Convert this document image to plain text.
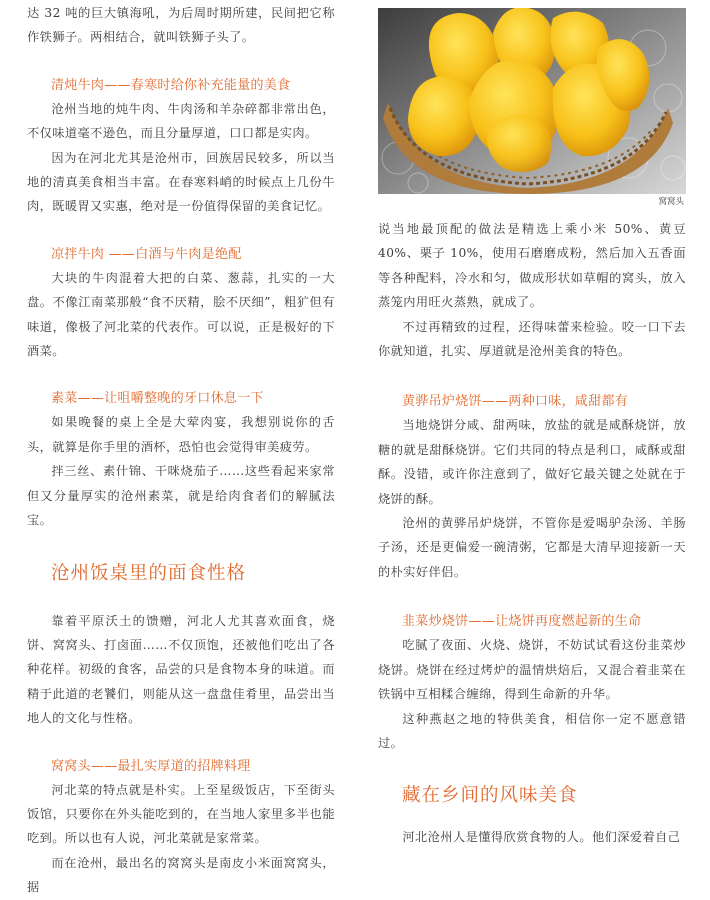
达 32 吨的巨大镇海吼，为后周时期所建，民间把它称作铁狮子。两相结合，就叫铁狮子头了。

清炖牛肉——春寒时给你补充能量的美食

沧州当地的炖牛肉、牛肉汤和羊杂碎都非常出色，不仅味道毫不逊色，而且分量厚道，口口都是实肉。

因为在河北尤其是沧州市，回族居民较多，所以当地的清真美食相当丰富。在春寒料峭的时候点上几份牛肉，既暖胃又实惠，绝对是一份值得保留的美食记忆。

凉拌牛肉 ——白酒与牛肉是绝配

大块的牛肉混着大把的白菜、葱蒜，扎实的一大盘。不像江南菜那般“食不厌精，脍不厌细”，粗犷但有味道，像极了河北菜的代表作。可以说，正是极好的下酒菜。

素菜——让咀嚼整晚的牙口休息一下

如果晚餐的桌上全是大荤肉宴，我想别说你的舌头，就算是你手里的酒杯，恐怕也会觉得审美疲劳。

拌三丝、素什锦、干咪烧茄子……这些看起来家常但又分量厚实的沧州素菜，就是给肉食者们的解腻法宝。

沧州饭桌里的面食性格

靠着平原沃土的馈赠，河北人尤其喜欢面食，烧饼、窝窝头、打卤面……不仅顶饱，还被他们吃出了各种花样。初级的食客，品尝的只是食物本身的味道。而精于此道的老饕们，则能从这一盘盘佳肴里，品尝出当地人的文化与性格。

窝窝头——最扎实厚道的招牌料理

河北菜的特点就是朴实。上至星级饭店，下至街头饭馆，只要你在外头能吃到的，在当地人家里多半也能吃到。所以也有人说，河北菜就是家常菜。

而在沧州，最出名的窝窝头是南皮小米面窝窝头，据

窝窝头

说当地最顶配的做法是精选上乘小米 50%、黄豆 40%、栗子 10%，使用石磨磨成粉，然后加入五香面等各种配料，冷水和匀，做成形状如草帽的窝头，放入蒸笼内用旺火蒸熟，就成了。

不过再精致的过程，还得味蕾来检验。咬一口下去你就知道，扎实、厚道就是沧州美食的特色。

黄骅吊炉烧饼——两种口味，咸甜都有

当地烧饼分咸、甜两味，放盐的就是咸酥烧饼，放糖的就是甜酥烧饼。它们共同的特点是利口，咸酥或甜酥。没错，或许你注意到了，做好它最关键之处就在于烧饼的酥。

沧州的黄骅吊炉烧饼，不管你是爱喝驴杂汤、羊肠子汤，还是更偏爱一碗清粥，它都是大清早迎接新一天的朴实好伴侣。

韭菜炒烧饼——让烧饼再度燃起新的生命

吃腻了夜面、火烧、烧饼，不妨试试看这份韭菜炒烧饼。烧饼在经过烤炉的温情烘焙后，又混合着韭菜在铁锅中互相糅合缠绵，得到生命新的升华。

这种燕赵之地的特供美食，相信你一定不愿意错过。

藏在乡间的风味美食

河北沧州人是懂得欣赏食物的人。他们深爱着自己
